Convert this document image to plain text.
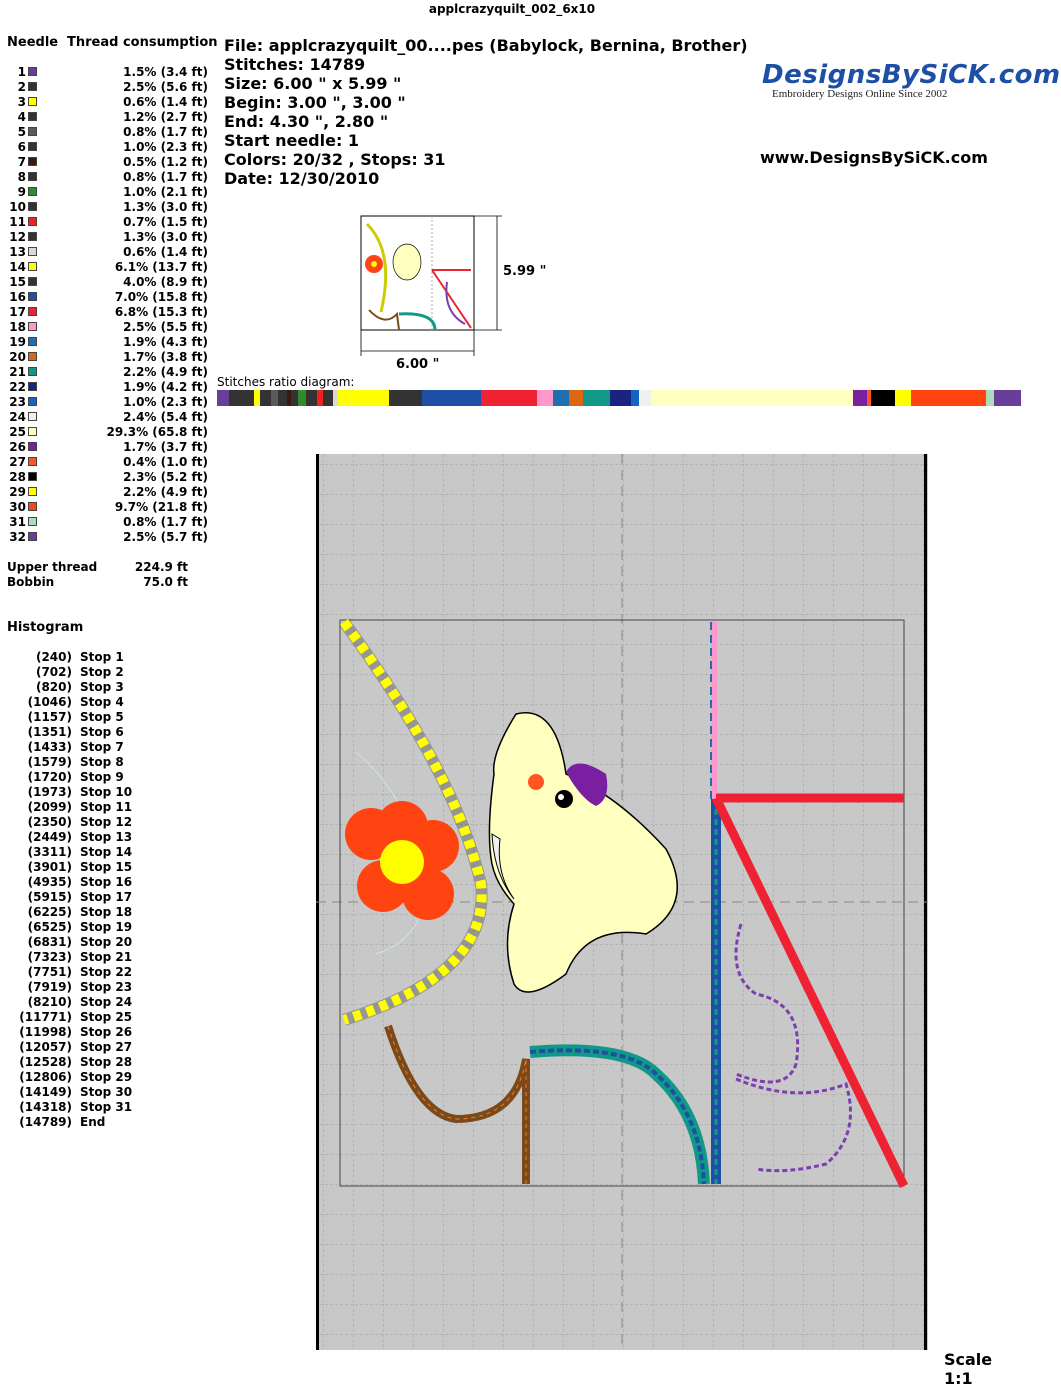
applcrazyquilt_002_6x10
Needle Thread consumption
1	1.5% (3.4 ft)
2	2.5% (5.6 ft)
3	0.6% (1.4 ft)
4	1.2% (2.7 ft)
5	0.8% (1.7 ft)
6	1.0% (2.3 ft)
7	0.5% (1.2 ft)
8	0.8% (1.7 ft)
9	1.0% (2.1 ft)
10	1.3% (3.0 ft)
11	0.7% (1.5 ft)
12	1.3% (3.0 ft)
13	0.6% (1.4 ft)
14	6.1% (13.7 ft)
15	4.0% (8.9 ft)
16	7.0% (15.8 ft)
17	6.8% (15.3 ft)
18	2.5% (5.5 ft)
19	1.9% (4.3 ft)
20	1.7% (3.8 ft)
21	2.2% (4.9 ft)
22	1.9% (4.2 ft)
23	1.0% (2.3 ft)
24	2.4% (5.4 ft)
25	29.3% (65.8 ft)
26	1.7% (3.7 ft)
27	0.4% (1.0 ft)
28	2.3% (5.2 ft)
29	2.2% (4.9 ft)
30	9.7% (21.8 ft)
31	0.8% (1.7 ft)
32	2.5% (5.7 ft)
Upper thread	224.9 ft
Bobbin	75.0 ft
Histogram
(240) Stop 1
(702) Stop 2
(820) Stop 3
(1046) Stop 4
(1157) Stop 5
(1351) Stop 6
(1433) Stop 7
(1579) Stop 8
(1720) Stop 9
(1973) Stop 10
(2099) Stop 11
(2350) Stop 12
(2449) Stop 13
(3311) Stop 14
(3901) Stop 15
(4935) Stop 16
(5915) Stop 17
(6225) Stop 18
(6525) Stop 19
(6831) Stop 20
(7323) Stop 21
(7751) Stop 22
(7919) Stop 23
(8210) Stop 24
(11771) Stop 25
(11998) Stop 26
(12057) Stop 27
(12528) Stop 28
(12806) Stop 29
(14149) Stop 30
(14318) Stop 31
(14789) End
File: applcrazyquilt_00....pes (Babylock, Bernina, Brother)
Stitches: 14789
Size: 6.00 " x 5.99 "
Begin: 3.00 ", 3.00 "
End: 4.30 ", 2.80 "
Start needle: 1
Colors: 20/32 , Stops: 31
Date: 12/30/2010
DesignsBySiCK.com
Embroidery Designs Online Since 2002
www.DesignsBySiCK.com
5.99 "
6.00 "
Stitches ratio diagram:
Scale 1:1
